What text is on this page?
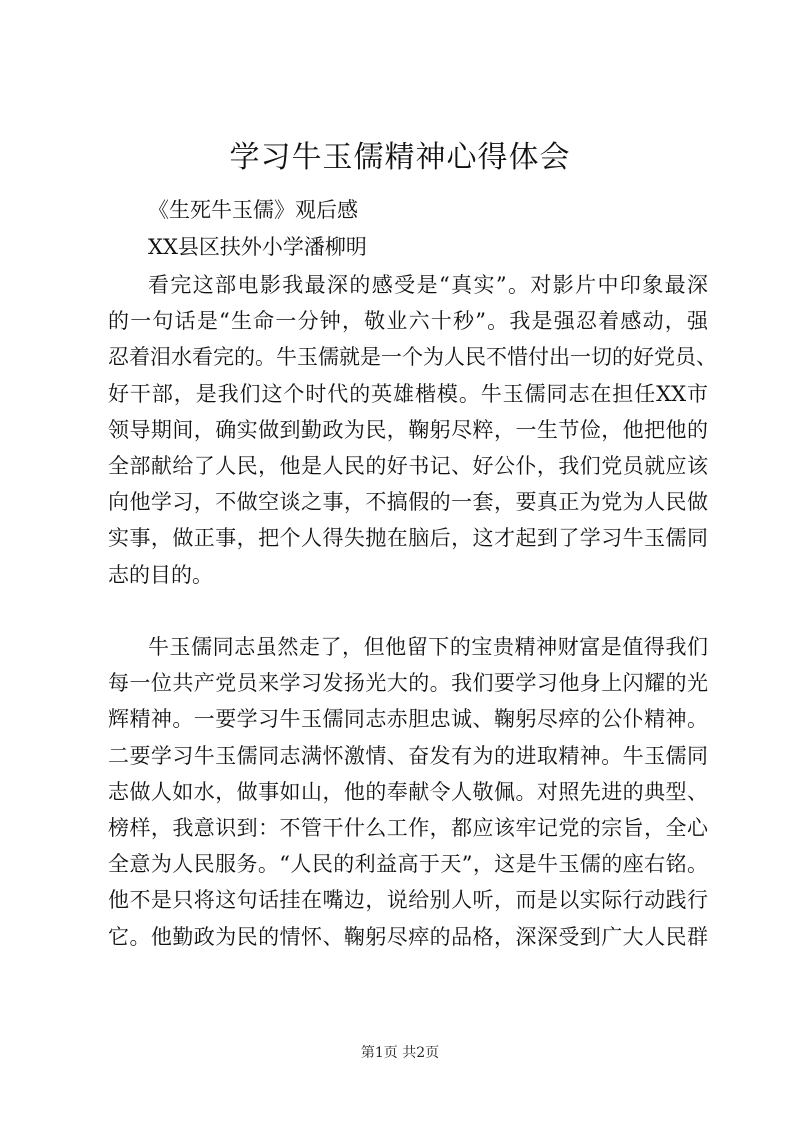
学习牛玉儒精神心得体会

《生死牛玉儒》观后感

XX县区扶外小学潘柳明

看完这部电影我最深的感受是“真实”。对影片中印象最深
的一句话是“生命一分钟，敬业六十秒”。我是强忍着感动，强
忍着泪水看完的。牛玉儒就是一个为人民不惜付出一切的好党员、
好干部，是我们这个时代的英雄楷模。牛玉儒同志在担任XX市
领导期间，确实做到勤政为民，鞠躬尽粹，一生节俭，他把他的
全部献给了人民，他是人民的好书记、好公仆，我们党员就应该
向他学习，不做空谈之事，不搞假的一套，要真正为党为人民做
实事，做正事，把个人得失抛在脑后，这才起到了学习牛玉儒同
志的目的。
牛玉儒同志虽然走了，但他留下的宝贵精神财富是值得我们
每一位共产党员来学习发扬光大的。我们要学习他身上闪耀的光
辉精神。一要学习牛玉儒同志赤胆忠诚、鞠躬尽瘁的公仆精神。
二要学习牛玉儒同志满怀激情、奋发有为的进取精神。牛玉儒同
志做人如水，做事如山，他的奉献令人敬佩。对照先进的典型、
榜样，我意识到：不管干什么工作，都应该牢记党的宗旨，全心
全意为人民服务。“人民的利益高于天”，这是牛玉儒的座右铭。
他不是只将这句话挂在嘴边，说给别人听，而是以实际行动践行
它。他勤政为民的情怀、鞠躬尽瘁的品格，深深受到广大人民群
第1页 共2页
